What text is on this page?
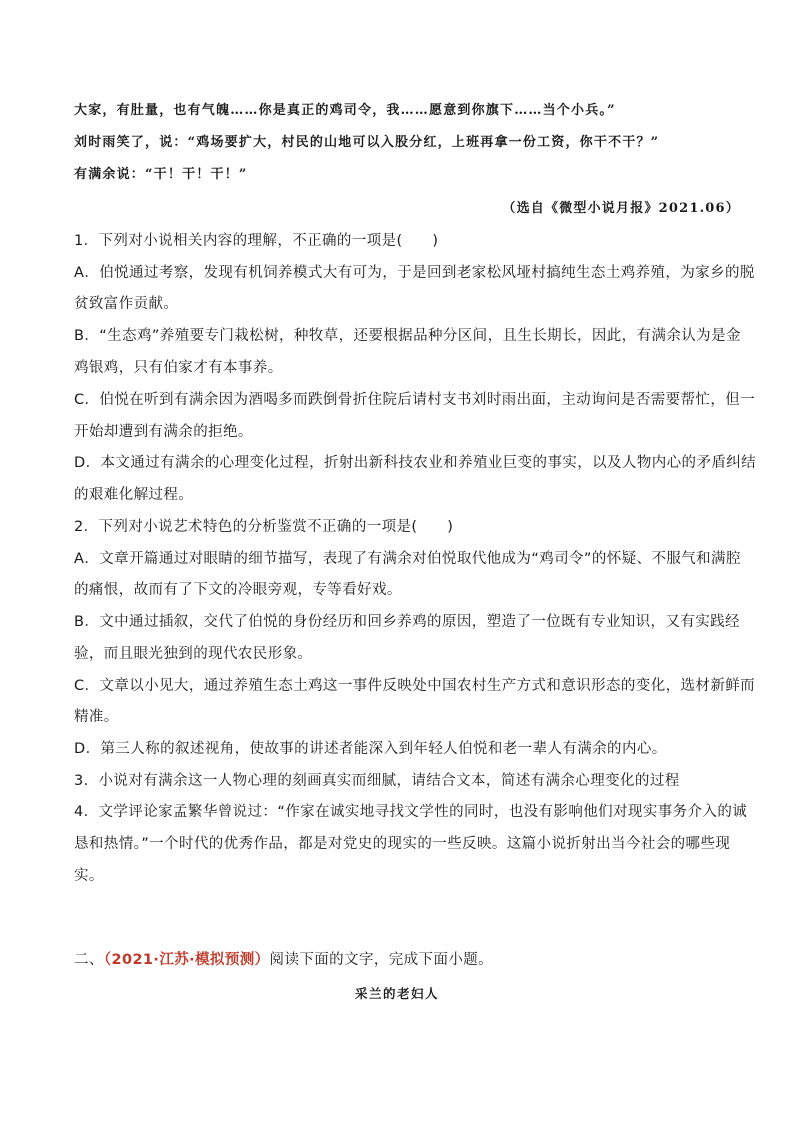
大家，有肚量，也有气魄……你是真正的鸡司令，我……愿意到你旗下……当个小兵。”
刘时雨笑了，说：“鸡场要扩大，村民的山地可以入股分红，上班再拿一份工资，你干不干？”
有满余说：“干！干！干！”
（选自《微型小说月报》2021.06）
1．下列对小说相关内容的理解，不正确的一项是(　　)
A．伯悦通过考察，发现有机饲养模式大有可为，于是回到老家松风垭村搞纯生态土鸡养殖，为家乡的脱
贫致富作贡献。
B．“生态鸡”养殖要专门栽松树，种牧草，还要根据品种分区间，且生长期长，因此，有满余认为是金
鸡银鸡，只有伯家才有本事养。
C．伯悦在听到有满余因为酒喝多而跌倒骨折住院后请村支书刘时雨出面，主动询问是否需要帮忙，但一
开始却遭到有满余的拒绝。
D．本文通过有满余的心理变化过程，折射出新科技农业和养殖业巨变的事实，以及人物内心的矛盾纠结
的艰难化解过程。
2．下列对小说艺术特色的分析鉴赏不正确的一项是(　　)
A．文章开篇通过对眼睛的细节描写，表现了有满余对伯悦取代他成为“鸡司令”的怀疑、不服气和满腔
的痛恨，故而有了下文的冷眼旁观，专等看好戏。
B．文中通过插叙，交代了伯悦的身份经历和回乡养鸡的原因，塑造了一位既有专业知识，又有实践经
验，而且眼光独到的现代农民形象。
C．文章以小见大，通过养殖生态土鸡这一事件反映处中国农村生产方式和意识形态的变化，选材新鲜而
精准。
D．第三人称的叙述视角，使故事的讲述者能深入到年轻人伯悦和老一辈人有满余的内心。
3．小说对有满余这一人物心理的刻画真实而细腻，请结合文本，简述有满余心理变化的过程
4．文学评论家孟繁华曾说过：“作家在诚实地寻找文学性的同时，也没有影响他们对现实事务介入的诚
恳和热情。”一个时代的优秀作品，都是对党史的现实的一些反映。这篇小说折射出当今社会的哪些现
实。
二、（2021·江苏·模拟预测）阅读下面的文字，完成下面小题。
采兰的老妇人
